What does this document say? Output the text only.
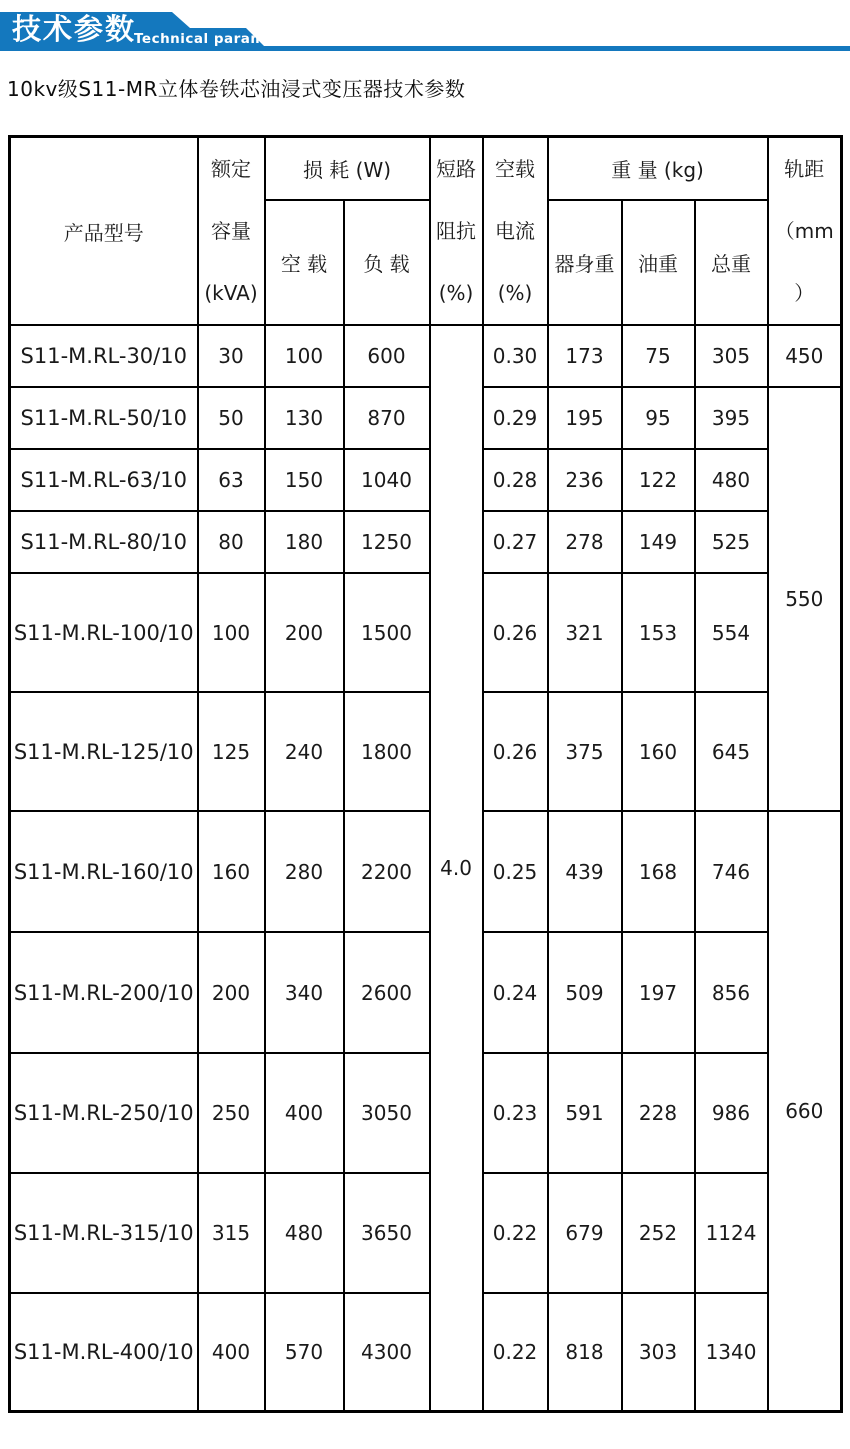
技术参数
Technical parameter
10kv级S11-MR立体卷铁芯油浸式变压器技术参数
产品型号	额定
容量
(kVA)	损 耗 (W)		短路
阻抗
(%)	空载
电流
(%)	重 量 (kg)			轨距
（mm
）

		空 载	负 载			器身重	油重	总重	
S11-M.RL-30/10	30	100	600	4.0	0.30	173	75	305	450
S11-M.RL-50/10	50	130	870		0.29	195	95	395	550
S11-M.RL-63/10	63	150	1040		0.28	236	122	480	
S11-M.RL-80/10	80	180	1250		0.27	278	149	525	
S11-M.RL-100/10	100	200	1500		0.26	321	153	554	
S11-M.RL-125/10	125	240	1800		0.26	375	160	645	
S11-M.RL-160/10	160	280	2200		0.25	439	168	746	660
S11-M.RL-200/10	200	340	2600		0.24	509	197	856	
S11-M.RL-250/10	250	400	3050		0.23	591	228	986	
S11-M.RL-315/10	315	480	3650		0.22	679	252	1124	
S11-M.RL-400/10	400	570	4300		0.22	818	303	1340	
